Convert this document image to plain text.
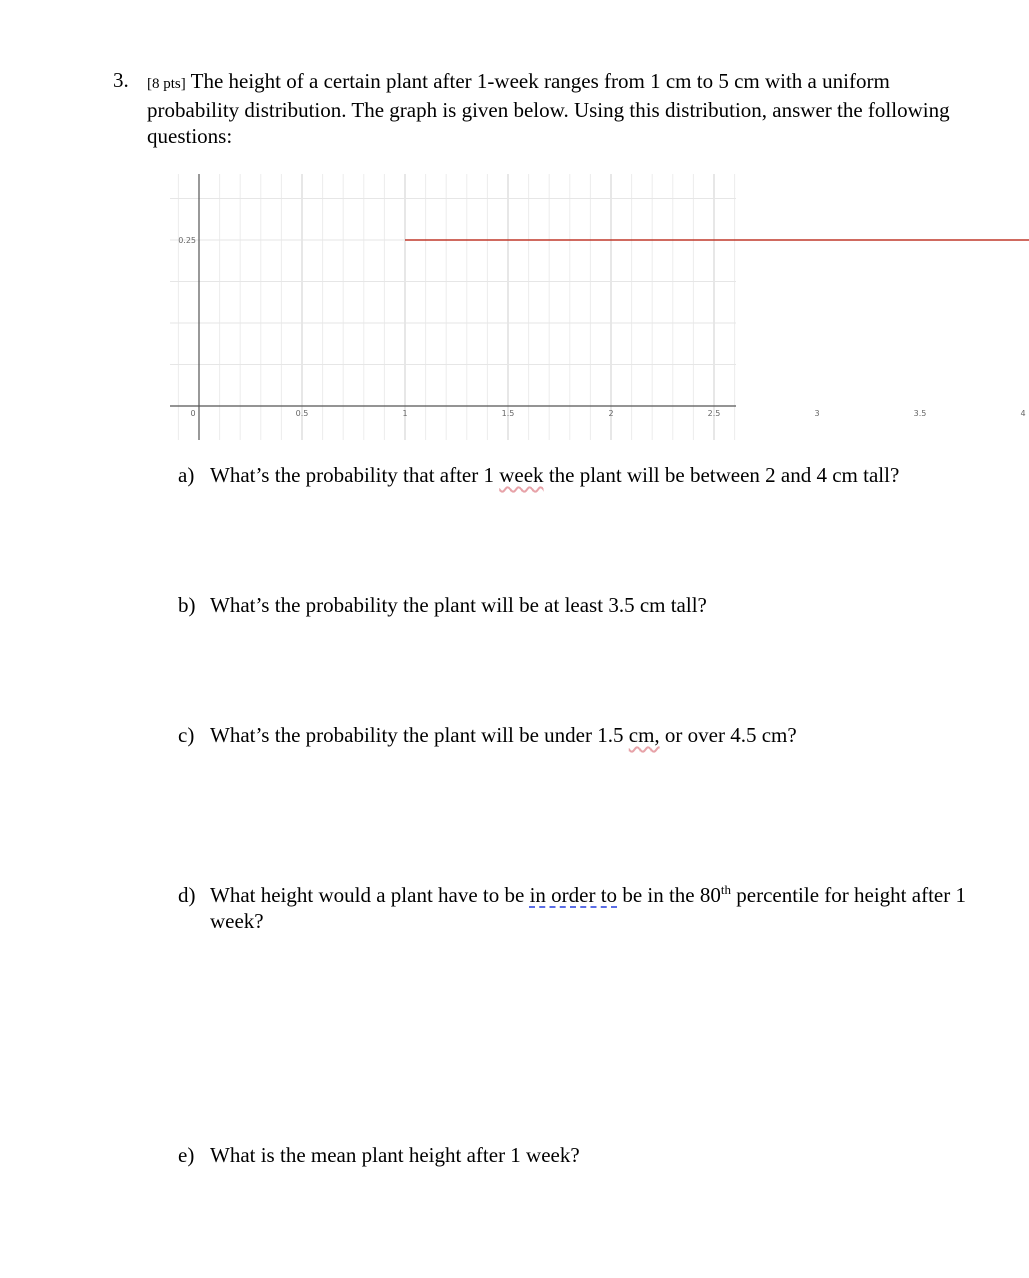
3. [8 pts] The height of a certain plant after 1-week ranges from 1 cm to 5 cm with a uniform probability distribution. The graph is given below. Using this distribution, answer the following questions:
0	0.5	1	1.5	2	2.5	3	3.5	4
0.25
a) What’s the probability that after 1 week the plant will be between 2 and 4 cm tall?
b) What’s the probability the plant will be at least 3.5 cm tall?
c) What’s the probability the plant will be under 1.5 cm, or over 4.5 cm?
d) What height would a plant have to be in order to be in the 80th percentile for height after 1 week?
e) What is the mean plant height after 1 week?
